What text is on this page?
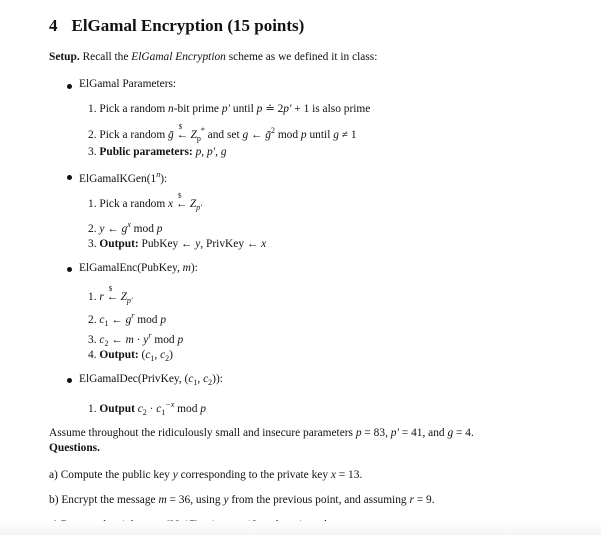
4 ElGamal Encryption (15 points)
Setup. Recall the ElGamal Encryption scheme as we defined it in class:
ElGamal Parameters:
1. Pick a random n-bit prime p′ until p ≐ 2p′ + 1 is also prime
2. Pick a random ḡ
$
← $Z_p^*$ and set g ← ḡ$^2$ mod p until g ≠ 1
3. Public parameters: p, p′, g
ElGamalKGen(1$^n$):
1. Pick a random x
$
← $Z_{p'}$
2. y ← $g^x$ mod p
3. Output: PubKey ← y, PrivKey ← x
ElGamalEnc(PubKey, m):
1. r
$
← $Z_{p'}$
2. $c_1$ ← $g^r$ mod p
3. $c_2$ ← $m \cdot y^r$ mod p
4. Output: ($c_1$, $c_2$)
ElGamalDec(PrivKey, ($c_1$, $c_2$)):
1. Output $c_2 \cdot c_1^{-x}$ mod p
Assume throughout the ridiculously small and insecure parameters p = 83, p′ = 41, and g = 4.
Questions.
a) Compute the public key y corresponding to the private key x = 13.
b) Encrypt the message m = 36, using y from the previous point, and assuming r = 9.
